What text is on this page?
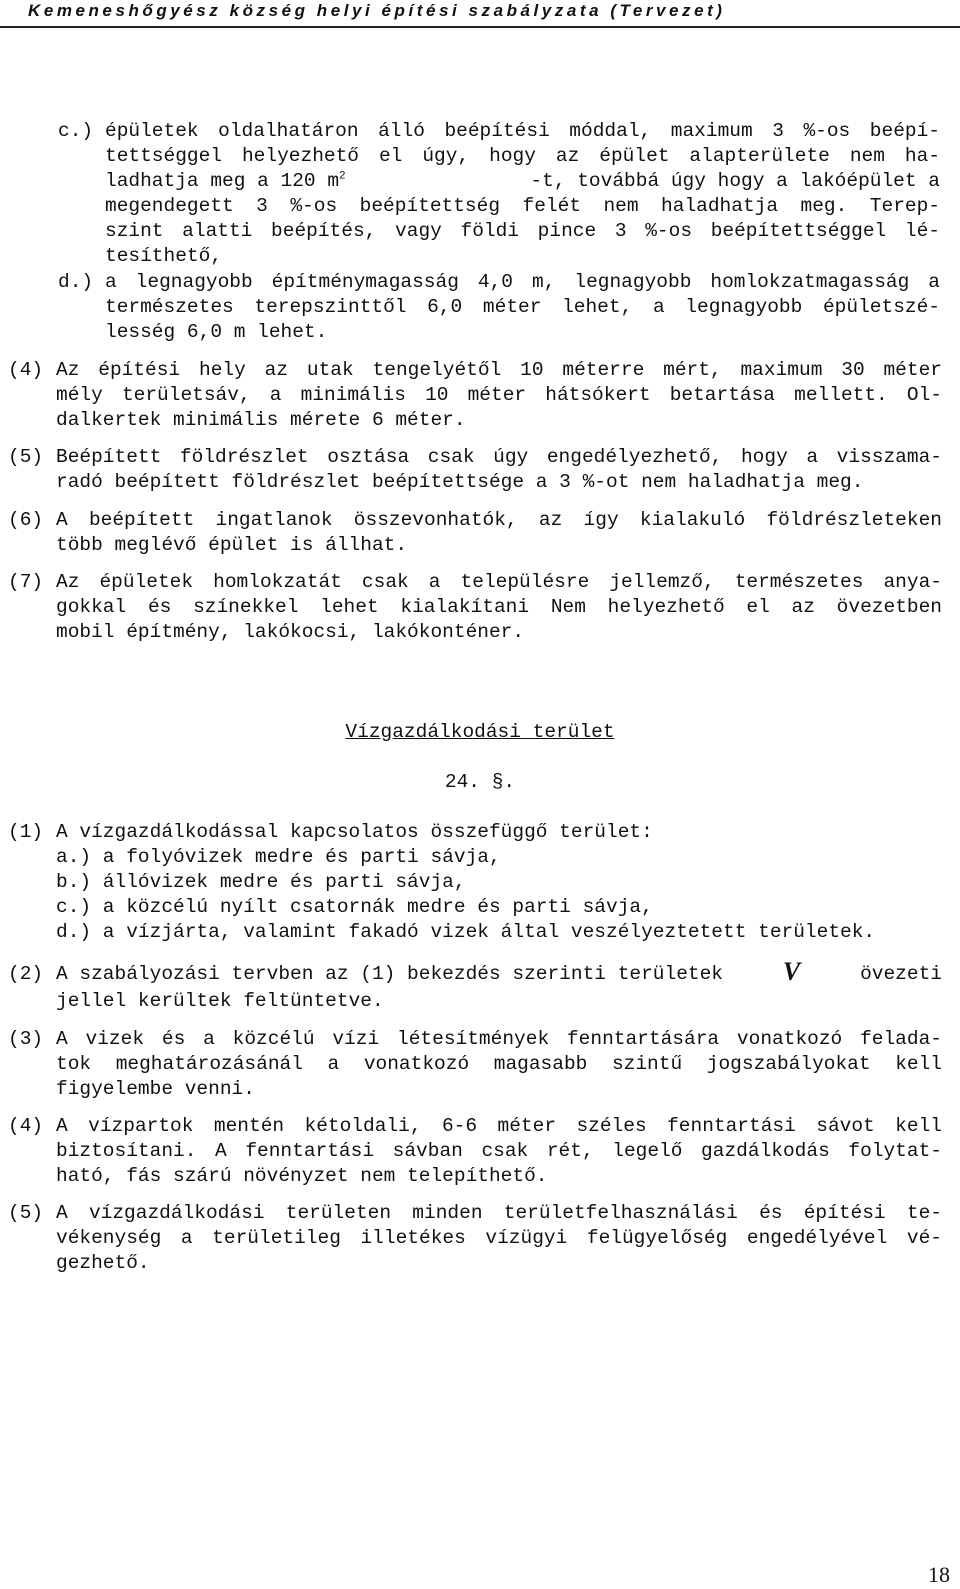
Kemeneshőgyész község helyi építési szabályzata (Tervezet)
c.) épületek oldalhatáron álló beépítési móddal, maximum 3 %-os beépí-
tettséggel helyezhető el úgy, hogy az épület alapterülete nem ha-
ladhatja meg a 120 $m^2$	-t, továbbá úgy hogy a lakóépület a
megendegett 3 %-os beépítettség felét nem haladhatja meg. Terep-
szint alatti beépítés, vagy földi pince 3 %-os beépítettséggel lé-
tesíthető,
d.) a legnagyobb építménymagasság 4,0 m, legnagyobb homlokzatmagasság a
természetes terepszinttől 6,0 méter lehet, a legnagyobb épületszé-
lesség 6,0 m lehet.
(4) Az építési hely az utak tengelyétől 10 méterre mért, maximum 30 méter
mély területsáv, a minimális 10 méter hátsókert betartása mellett. Ol-
dalkertek minimális mérete 6 méter.
(5) Beépített földrészlet osztása csak úgy engedélyezhető, hogy a visszama-
radó beépített földrészlet beépítettsége a 3 %-ot nem haladhatja meg.
(6) A beépített ingatlanok összevonhatók, az így kialakuló földrészleteken
több meglévő épület is állhat.
(7) Az épületek homlokzatát csak a településre jellemző, természetes anya-
gokkal és színekkel lehet kialakítani Nem helyezhető el az övezetben
mobil építmény, lakókocsi, lakókonténer.
Vízgazdálkodási terület
24. §.
(1) A vízgazdálkodással kapcsolatos összefüggő terület:
a.) a folyóvizek medre és parti sávja,
b.) állóvizek medre és parti sávja,
c.) a közcélú nyílt csatornák medre és parti sávja,
d.) a vízjárta, valamint fakadó vizek által veszélyeztetett területek.
(2) A szabályozási tervben az (1) bekezdés szerinti területek V övezeti
jellel kerültek feltüntetve.
(3) A vizek és a közcélú vízi létesítmények fenntartására vonatkozó felada-
tok meghatározásánál a vonatkozó magasabb szintű jogszabályokat kell
figyelembe venni.
(4) A vízpartok mentén kétoldali, 6-6 méter széles fenntartási sávot kell
biztosítani. A fenntartási sávban csak rét, legelő gazdálkodás folytat-
ható, fás szárú növényzet nem telepíthető.
(5) A vízgazdálkodási területen minden területfelhasználási és építési te-
vékenység a területileg illetékes vízügyi felügyelőség engedélyével vé-
gezhető.
18
